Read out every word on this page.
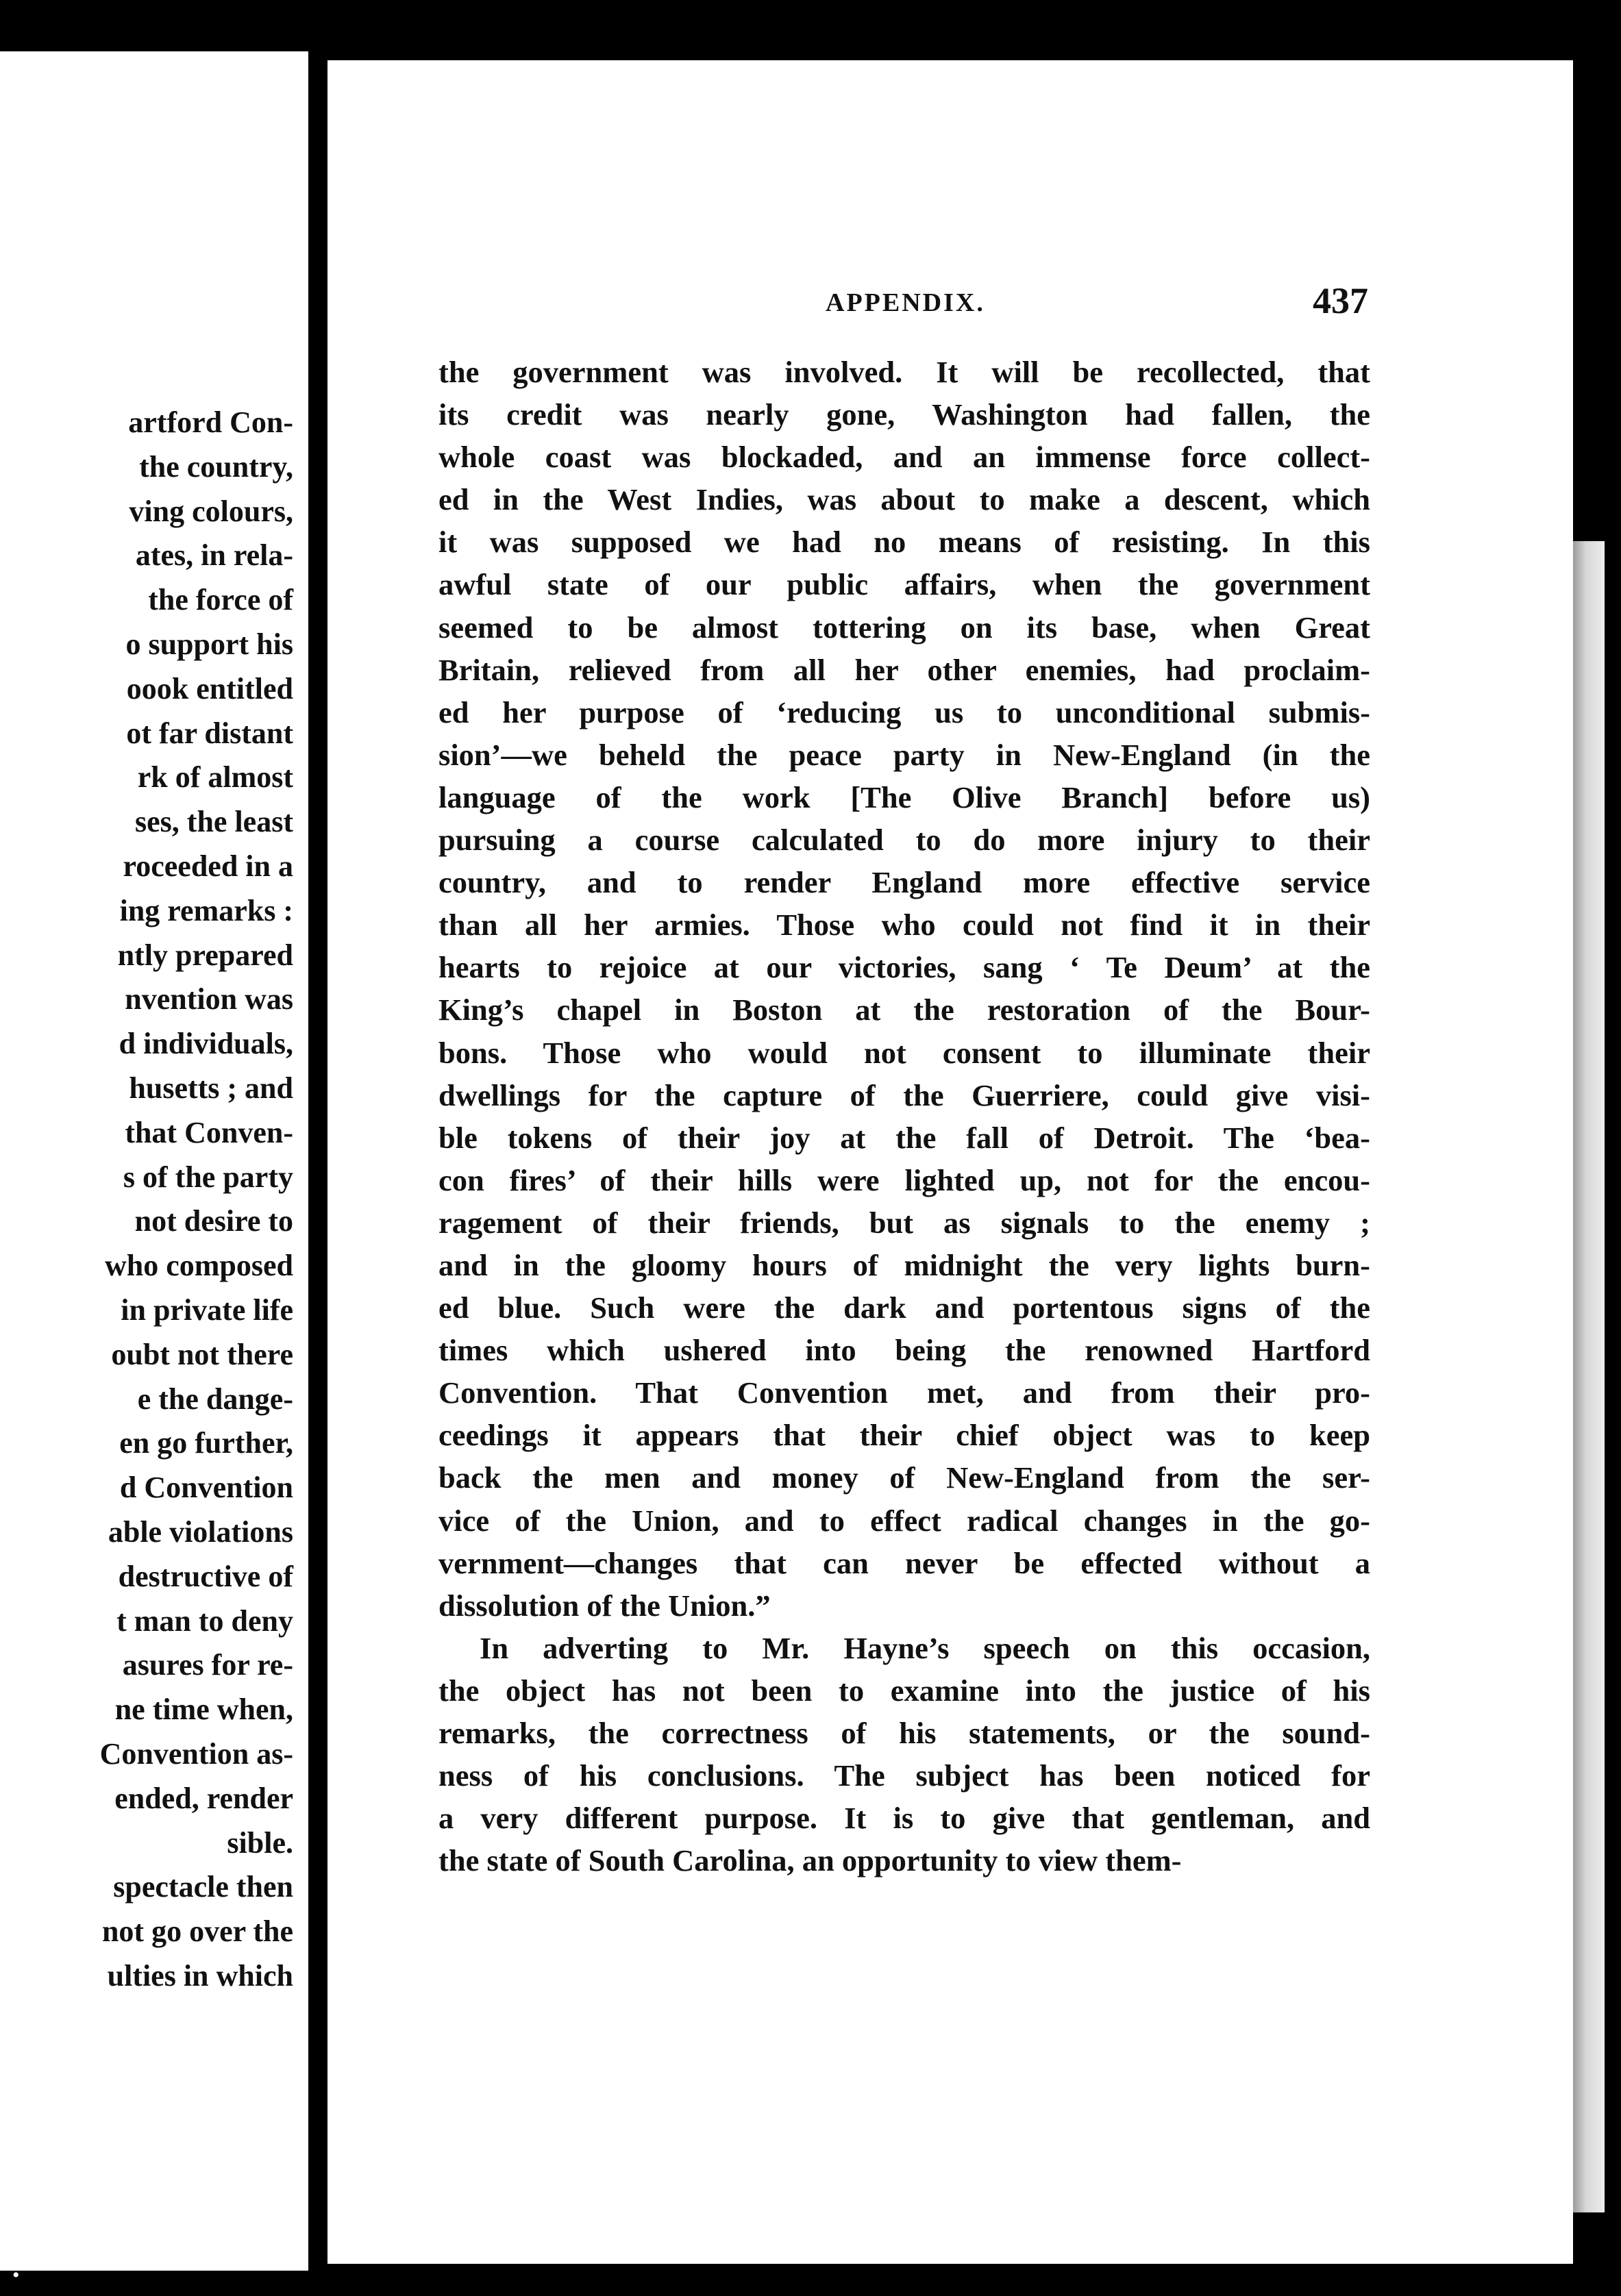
artford Con-
the country,
ving colours,
ates, in rela-
the force of
o support his
oook entitled
ot far distant
rk of almost
ses, the least
roceeded in a
ing remarks :
ntly prepared
nvention was
d individuals,
husetts ; and
that Conven-
s of the party
not desire to
who composed
in private life
oubt not there
e the dange-
en go further,
d Convention
able violations
destructive of
t man to deny
asures for re-
ne time when,
Convention as-
ended, render
sible.
spectacle then
not go over the
ulties in which
APPENDIX.	437
the government was involved. It will be recollected, that
its credit was nearly gone, Washington had fallen, the
whole coast was blockaded, and an immense force collect-
ed in the West Indies, was about to make a descent, which
it was supposed we had no means of resisting. In this
awful state of our public affairs, when the government
seemed to be almost tottering on its base, when Great
Britain, relieved from all her other enemies, had proclaim-
ed her purpose of ‘reducing us to unconditional submis-
sion’—we beheld the peace party in New-England (in the
language of the work [The Olive Branch] before us)
pursuing a course calculated to do more injury to their
country, and to render England more effective service
than all her armies. Those who could not find it in their
hearts to rejoice at our victories, sang ‘ Te Deum’ at the
King’s chapel in Boston at the restoration of the Bour-
bons. Those who would not consent to illuminate their
dwellings for the capture of the Guerriere, could give visi-
ble tokens of their joy at the fall of Detroit. The ‘bea-
con fires’ of their hills were lighted up, not for the encou-
ragement of their friends, but as signals to the enemy ;
and in the gloomy hours of midnight the very lights burn-
ed blue. Such were the dark and portentous signs of the
times which ushered into being the renowned Hartford
Convention. That Convention met, and from their pro-
ceedings it appears that their chief object was to keep
back the men and money of New-England from the ser-
vice of the Union, and to effect radical changes in the go-
vernment—changes that can never be effected without a
dissolution of the Union.”
In adverting to Mr. Hayne’s speech on this occasion,
the object has not been to examine into the justice of his
remarks, the correctness of his statements, or the sound-
ness of his conclusions. The subject has been noticed for
a very different purpose. It is to give that gentleman, and
the state of South Carolina, an opportunity to view them-
•
